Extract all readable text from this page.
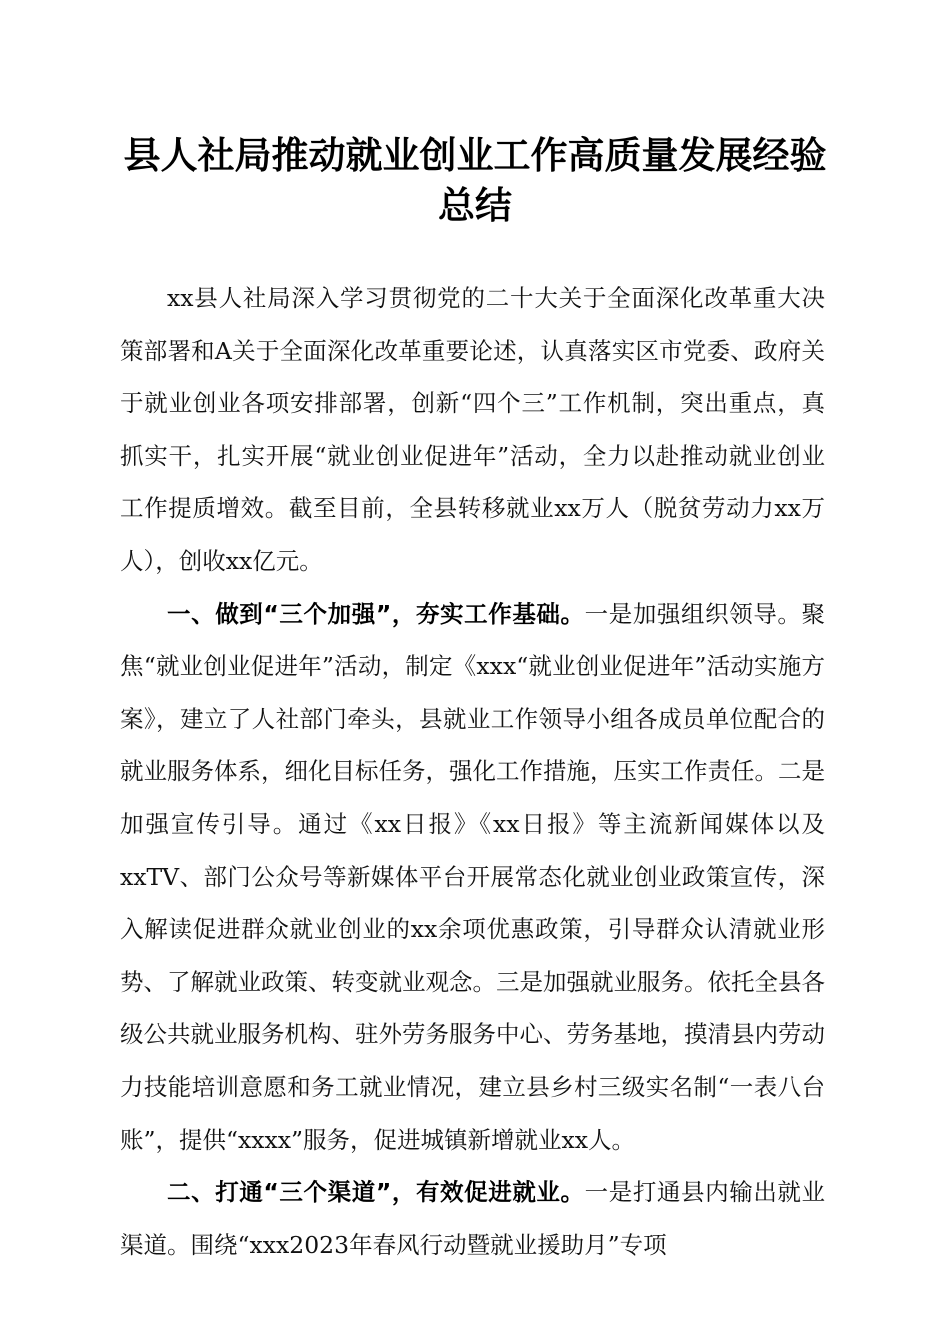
县人社局推动就业创业工作高质量发展经验总结

xx县人社局深入学习贯彻党的二十大关于全面深化改革重大决策部署和A关于全面深化改革重要论述，认真落实区市党委、政府关于就业创业各项安排部署，创新“四个三”工作机制，突出重点，真抓实干，扎实开展“就业创业促进年”活动，全力以赴推动就业创业工作提质增效。截至目前，全县转移就业xx万人（脱贫劳动力xx万人），创收xx亿元。

一、做到“三个加强”，夯实工作基础。一是加强组织领导。聚焦“就业创业促进年”活动，制定《xxx“就业创业促进年”活动实施方案》，建立了人社部门牵头，县就业工作领导小组各成员单位配合的就业服务体系，细化目标任务，强化工作措施，压实工作责任。二是加强宣传引导。通过《xx日报》《xx日报》等主流新闻媒体以及xxTV、部门公众号等新媒体平台开展常态化就业创业政策宣传，深入解读促进群众就业创业的xx余项优惠政策，引导群众认清就业形势、了解就业政策、转变就业观念。三是加强就业服务。依托全县各级公共就业服务机构、驻外劳务服务中心、劳务基地，摸清县内劳动力技能培训意愿和务工就业情况，建立县乡村三级实名制“一表八台账”，提供“xxxx”服务，促进城镇新增就业xx人。

二、打通“三个渠道”，有效促进就业。一是打通县内输出就业渠道。围绕“xxx2023年春风行动暨就业援助月”专项
